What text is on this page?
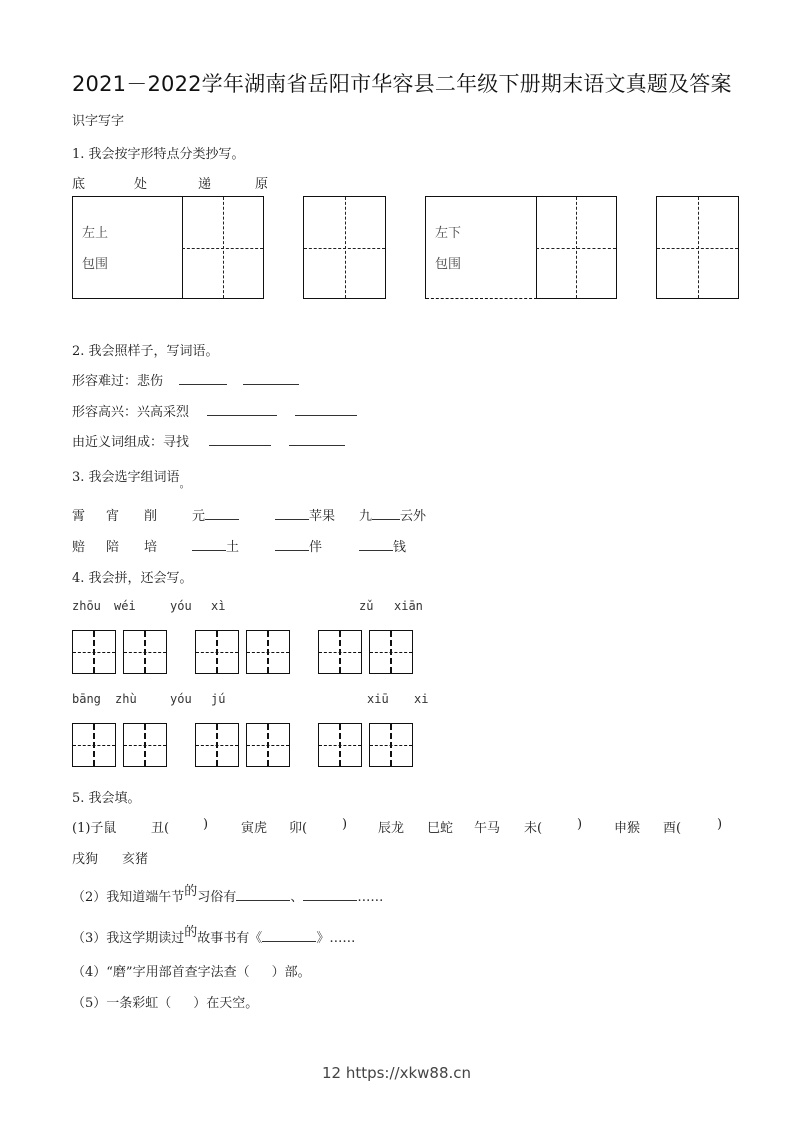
2021－2022学年湖南省岳阳市华容县二年级下册期末语文真题及答案
识字写字
1. 我会按字形特点分类抄写。
底	处	递	原
左上
包围
左下
包围
2. 我会照样子，写词语。
形容难过：悲伤
形容高兴：兴高采烈
由近义词组成：寻找
3. 我会选字组词语$_。$
霄 宵 削	元	苹果 九 云外
赔 陪 培	土	伴	钱
4. 我会拼，还会写。
zhōu wéi	yóu xì	zǔ xiān
bāng zhù	yóu jú	xiū xi
5. 我会填。
(1)子鼠	丑(	)	寅虎 卯(	) 辰龙 巳蛇 午马 未(	) 申猴 酉(	)
戌狗 亥猪
（2）我知道端午节的习俗有	、	……
（3）我这学期读过的故事书有《	》……
（4）“磨”字用部首查字法查（ ）部。
（5）一条彩虹（ ）在天空。
12 https://xkw88.cn
